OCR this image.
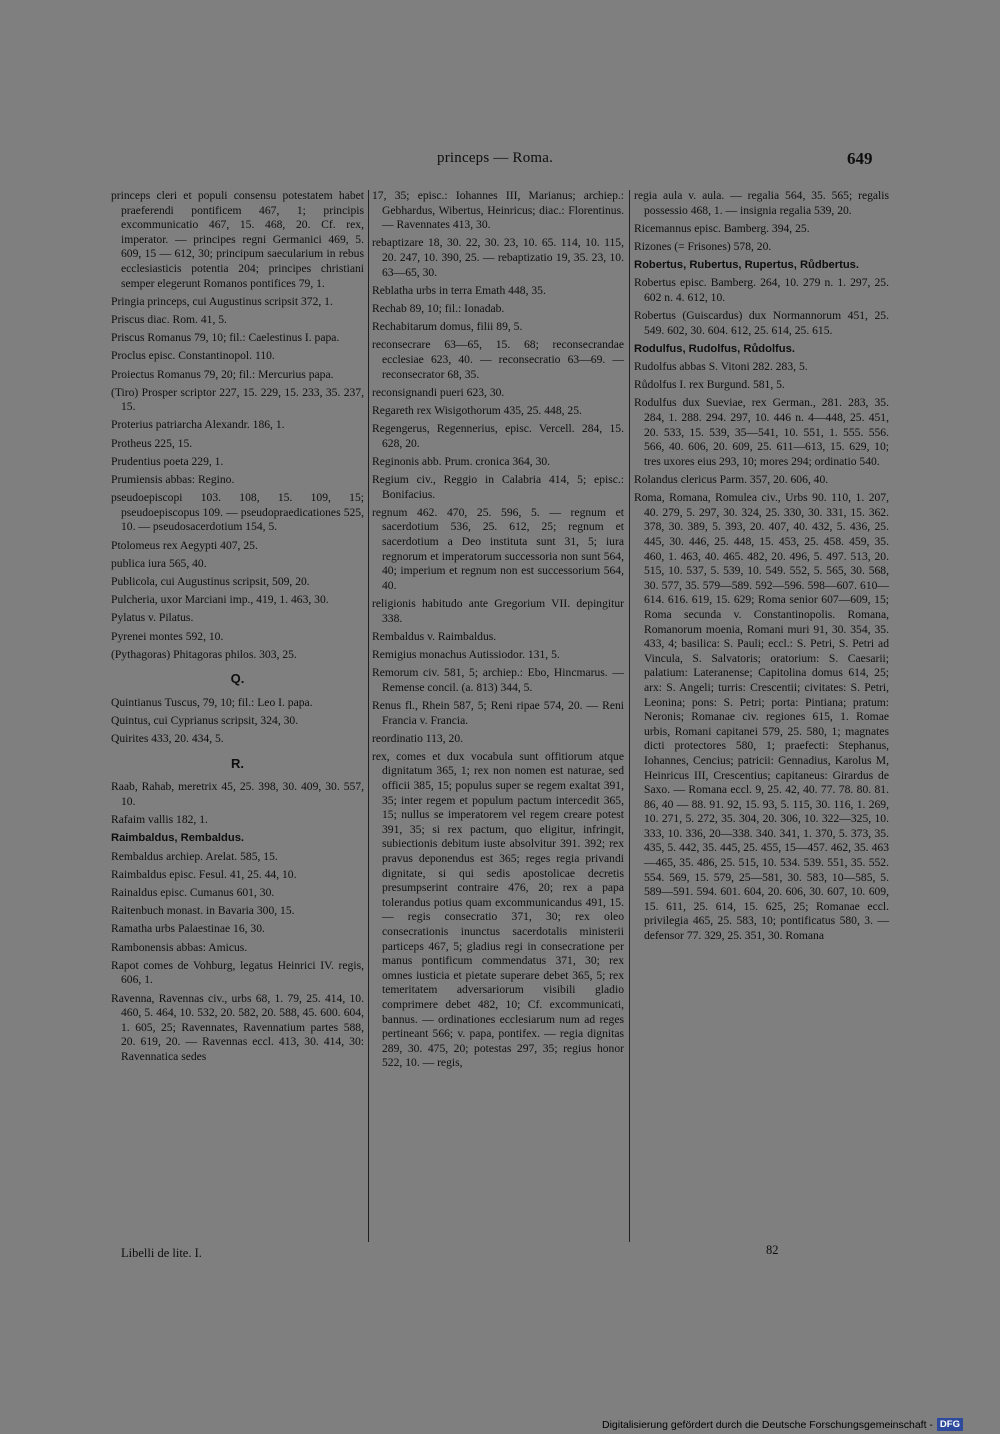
princeps — Roma.	649
princeps cleri et populi consensu potestatem habet praeferendi pontificem 467, 1; principis excommunicatio 467, 15. 468, 20. Cf. rex, imperator. — principes regni Germanici 469, 5. 609, 15 — 612, 30; principum saecularium in rebus ecclesiasticis potentia 204; principes christiani semper elegerunt Romanos pontifices 79, 1.
Pringia princeps, cui Augustinus scripsit 372, 1.
Priscus diac. Rom. 41, 5.
Priscus Romanus 79, 10; fil.: Caelestinus I. papa.
Proclus episc. Constantinopol. 110.
Proiectus Romanus 79, 20; fil.: Mercurius papa.
(Tiro) Prosper scriptor 227, 15. 229, 15. 233, 35. 237, 15.
Proterius patriarcha Alexandr. 186, 1.
Protheus 225, 15.
Prudentius poeta 229, 1.
Prumiensis abbas: Regino.
pseudoepiscopi 103. 108, 15. 109, 15; pseudoepiscopus 109. — pseudopraedicationes 525, 10. — pseudosacerdotium 154, 5.
Ptolomeus rex Aegypti 407, 25.
publica iura 565, 40.
Publicola, cui Augustinus scripsit, 509, 20.
Pulcheria, uxor Marciani imp., 419, 1. 463, 30.
Pylatus v. Pilatus.
Pyrenei montes 592, 10.
(Pythagoras) Phitagoras philos. 303, 25.
Q.
Quintianus Tuscus, 79, 10; fil.: Leo I. papa.
Quintus, cui Cyprianus scripsit, 324, 30.
Quirites 433, 20. 434, 5.
R.
Raab, Rahab, meretrix 45, 25. 398, 30. 409, 30. 557, 10.
Rafaim vallis 182, 1.
Raimbaldus, Rembaldus.
Rembaldus archiep. Arelat. 585, 15.
Raimbaldus episc. Fesul. 41, 25. 44, 10.
Rainaldus episc. Cumanus 601, 30.
Raitenbuch monast. in Bavaria 300, 15.
Ramatha urbs Palaestinae 16, 30.
Rambonensis abbas: Amicus.
Rapot comes de Vohburg, legatus Heinrici IV. regis, 606, 1.
Ravenna, Ravennas civ., urbs 68, 1. 79, 25. 414, 10. 460, 5. 464, 10. 532, 20. 582, 20. 588, 45. 600. 604, 1. 605, 25; Ravennates, Ravennatium partes 588, 20. 619, 20. — Ravennas eccl. 413, 30. 414, 30: Ravennatica sedes
17, 35; episc.: Iohannes III, Marianus; archiep.: Gebhardus, Wibertus, Heinricus; diac.: Florentinus. — Ravennates 413, 30.
rebaptizare 18, 30. 22, 30. 23, 10. 65. 114, 10. 115, 20. 247, 10. 390, 25. — rebaptizatio 19, 35. 23, 10. 63—65, 30.
Reblatha urbs in terra Emath 448, 35.
Rechab 89, 10; fil.: Ionadab.
Rechabitarum domus, filii 89, 5.
reconsecrare 63—65, 15. 68; reconsecrandae ecclesiae 623, 40. — reconsecratio 63—69. — reconsecrator 68, 35.
reconsignandi pueri 623, 30.
Regareth rex Wisigothorum 435, 25. 448, 25.
Regengerus, Regennerius, episc. Vercell. 284, 15. 628, 20.
Reginonis abb. Prum. cronica 364, 30.
Regium civ., Reggio in Calabria 414, 5; episc.: Bonifacius.
regnum 462. 470, 25. 596, 5. — regnum et sacerdotium 536, 25. 612, 25; regnum et sacerdotium a Deo instituta sunt 31, 5; iura regnorum et imperatorum successoria non sunt 564, 40; imperium et regnum non est successorium 564, 40.
religionis habitudo ante Gregorium VII. depingitur 338.
Rembaldus v. Raimbaldus.
Remigius monachus Autissiodor. 131, 5.
Remorum civ. 581, 5; archiep.: Ebo, Hincmarus. — Remense concil. (a. 813) 344, 5.
Renus fl., Rhein 587, 5; Reni ripae 574, 20. — Reni Francia v. Francia.
reordinatio 113, 20.
rex, comes et dux vocabula sunt offitiorum atque dignitatum 365, 1; rex non nomen est naturae, sed officii 385, 15; populus super se regem exaltat 391, 35; inter regem et populum pactum intercedit 365, 15; nullus se imperatorem vel regem creare potest 391, 35; si rex pactum, quo eligitur, infringit, subiectionis debitum iuste absolvitur 391. 392; rex pravus deponendus est 365; reges regia privandi dignitate, si qui sedis apostolicae decretis presumpserint contraire 476, 20; rex a papa tolerandus potius quam excommunicandus 491, 15. — regis consecratio 371, 30; rex oleo consecrationis inunctus sacerdotalis ministerii particeps 467, 5; gladius regi in consecratione per manus pontificum commendatus 371, 30; rex omnes iusticia et pietate superare debet 365, 5; rex temeritatem adversariorum visibili gladio comprimere debet 482, 10; Cf. excommunicati, bannus. — ordinationes ecclesiarum num ad reges pertineant 566; v. papa, pontifex. — regia dignitas 289, 30. 475, 20; potestas 297, 35; regius honor 522, 10. — regis,
regia aula v. aula. — regalia 564, 35. 565; regalis possessio 468, 1. — insignia regalia 539, 20.
Ricemannus episc. Bamberg. 394, 25.
Rizones (= Frisones) 578, 20.
Robertus, Rubertus, Rupertus, Růdbertus.
Robertus episc. Bamberg. 264, 10. 279 n. 1. 297, 25. 602 n. 4. 612, 10.
Robertus (Guiscardus) dux Normannorum 451, 25. 549. 602, 30. 604. 612, 25. 614, 25. 615.
Rodulfus, Rudolfus, Růdolfus.
Rudolfus abbas S. Vitoni 282. 283, 5.
Růdolfus I. rex Burgund. 581, 5.
Rodulfus dux Sueviae, rex German., 281. 283, 35. 284, 1. 288. 294. 297, 10. 446 n. 4—448, 25. 451, 20. 533, 15. 539, 35—541, 10. 551, 1. 555. 556. 566, 40. 606, 20. 609, 25. 611—613, 15. 629, 10; tres uxores eius 293, 10; mores 294; ordinatio 540.
Rolandus clericus Parm. 357, 20. 606, 40.
Roma, Romana, Romulea civ., Urbs 90. 110, 1. 207, 40. 279, 5. 297, 30. 324, 25. 330, 30. 331, 15. 362. 378, 30. 389, 5. 393, 20. 407, 40. 432, 5. 436, 25. 445, 30. 446, 25. 448, 15. 453, 25. 458. 459, 35. 460, 1. 463, 40. 465. 482, 20. 496, 5. 497. 513, 20. 515, 10. 537, 5. 539, 10. 549. 552, 5. 565, 30. 568, 30. 577, 35. 579—589. 592—596. 598—607. 610—614. 616. 619, 15. 629; Roma senior 607—609, 15; Roma secunda v. Constantinopolis. Romana, Romanorum moenia, Romani muri 91, 30. 354, 35. 433, 4; basilica: S. Pauli; eccl.: S. Petri, S. Petri ad Vincula, S. Salvatoris; oratorium: S. Caesarii; palatium: Lateranense; Capitolina domus 614, 25; arx: S. Angeli; turris: Crescentii; civitates: S. Petri, Leonina; pons: S. Petri; porta: Pintiana; pratum: Neronis; Romanae civ. regiones 615, 1. Romae urbis, Romani capitanei 579, 25. 580, 1; magnates dicti protectores 580, 1; praefecti: Stephanus, Iohannes, Cencius; patricii: Gennadius, Karolus M, Heinricus III, Crescentius; capitaneus: Girardus de Saxo. — Romana eccl. 9, 25. 42, 40. 77. 78. 80. 81. 86, 40 — 88. 91. 92, 15. 93, 5. 115, 30. 116, 1. 269, 10. 271, 5. 272, 35. 304, 20. 306, 10. 322—325, 10. 333, 10. 336, 20—338. 340. 341, 1. 370, 5. 373, 35. 435, 5. 442, 35. 445, 25. 455, 15—457. 462, 35. 463—465, 35. 486, 25. 515, 10. 534. 539. 551, 35. 552. 554. 569, 15. 579, 25—581, 30. 583, 10—585, 5. 589—591. 594. 601. 604, 20. 606, 30. 607, 10. 609, 15. 611, 25. 614, 15. 625, 25; Romanae eccl. privilegia 465, 25. 583, 10; pontificatus 580, 3. — defensor 77. 329, 25. 351, 30. Romana
Libelli de lite. I.	82
Digitalisierung gefördert durch die Deutsche Forschungsgemeinschaft - DFG
